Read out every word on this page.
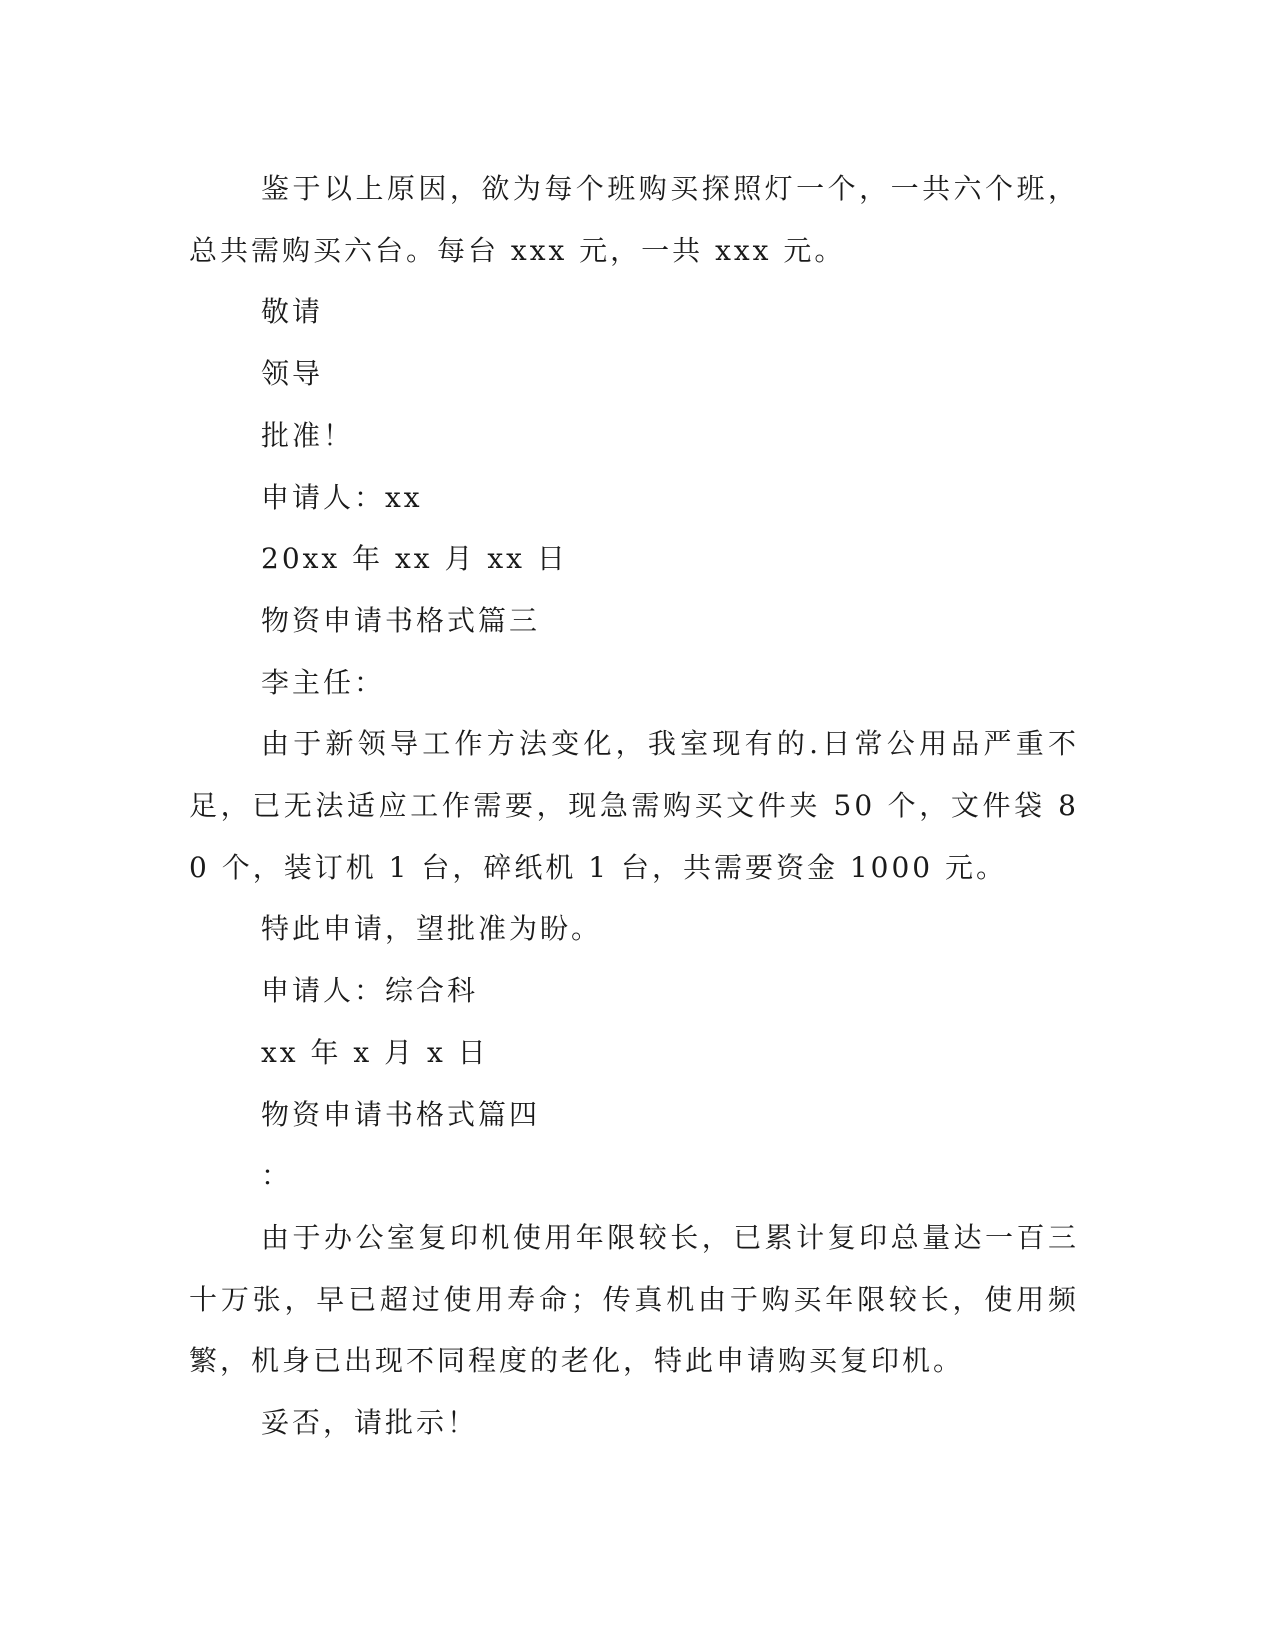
鉴于以上原因，欲为每个班购买探照灯一个，一共六个班，总共需购买六台。每台 xxx 元，一共 xxx 元。

敬请

领导

批准！

申请人：xx

20xx 年 xx 月 xx 日

物资申请书格式篇三

李主任：

由于新领导工作方法变化，我室现有的.日常公用品严重不足，已无法适应工作需要，现急需购买文件夹 50 个，文件袋 80 个，装订机 1 台，碎纸机 1 台，共需要资金 1000 元。

特此申请，望批准为盼。

申请人：综合科

xx 年 x 月 x 日

物资申请书格式篇四

：

由于办公室复印机使用年限较长，已累计复印总量达一百三十万张，早已超过使用寿命；传真机由于购买年限较长，使用频繁，机身已出现不同程度的老化，特此申请购买复印机。

妥否，请批示！
